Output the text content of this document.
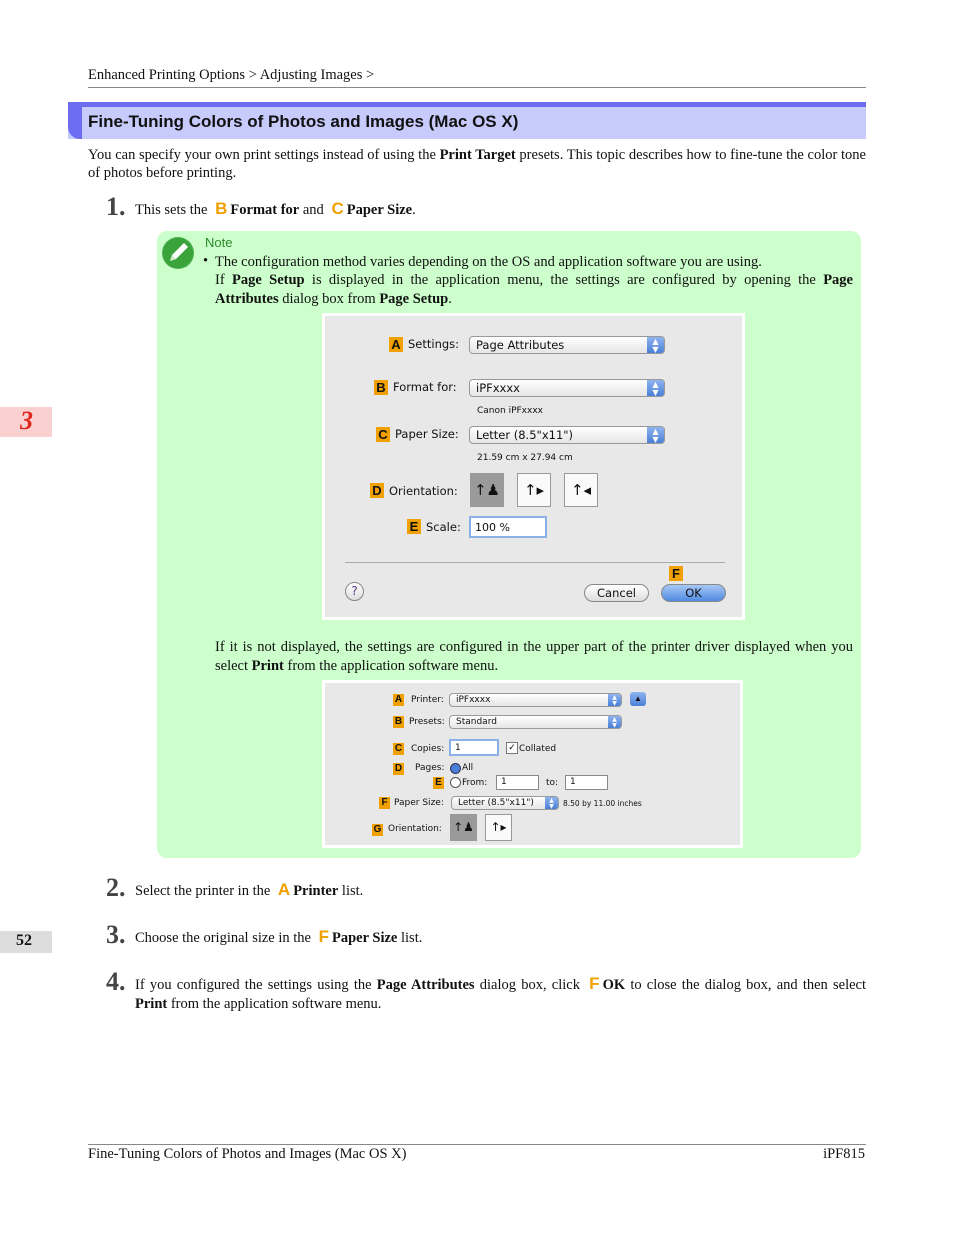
Enhanced Printing Options > Adjusting Images >
Fine-Tuning Colors of Photos and Images (Mac OS X)
You can specify your own print settings instead of using the Print Target presets. This topic describes how to fine-tune the color tone of photos before printing.
3
52
1. This sets the B Format for and C Paper Size.
Note
• The configuration method varies depending on the OS and application software you are using.
If Page Setup is displayed in the application menu, the settings are configured by opening the Page Attributes dialog box from Page Setup.
A Settings:	Page Attributes	▲
▼
B Format for:	iPFxxxx	▲
▼
Canon iPFxxxx
C Paper Size:	Letter (8.5"x11")	▲
▼
21.59 cm x 27.94 cm
D Orientation: ↑♟	↑▸	↑◂
E Scale:	100 %
F
?	Cancel	OK
If it is not displayed, the settings are configured in the upper part of the printer driver displayed when you select Print from the application software menu.
A Printer:	iPFxxxx	▲
▼
▲
B Presets:	Standard	▲
▼
C Copies:	1	✓ Collated
D Pages: All
E From:	1	to:	1
F Paper Size:	Letter (8.5"x11")	▲
▼	8.50 by 11.00 inches
G Orientation: ↑♟	↑▸
2. Select the printer in the A Printer list.
3. Choose the original size in the F Paper Size list.
4. If you configured the settings using the Page Attributes dialog box, click F OK to close the dialog box, and then select Print from the application software menu.
Fine-Tuning Colors of Photos and Images (Mac OS X)	iPF815
